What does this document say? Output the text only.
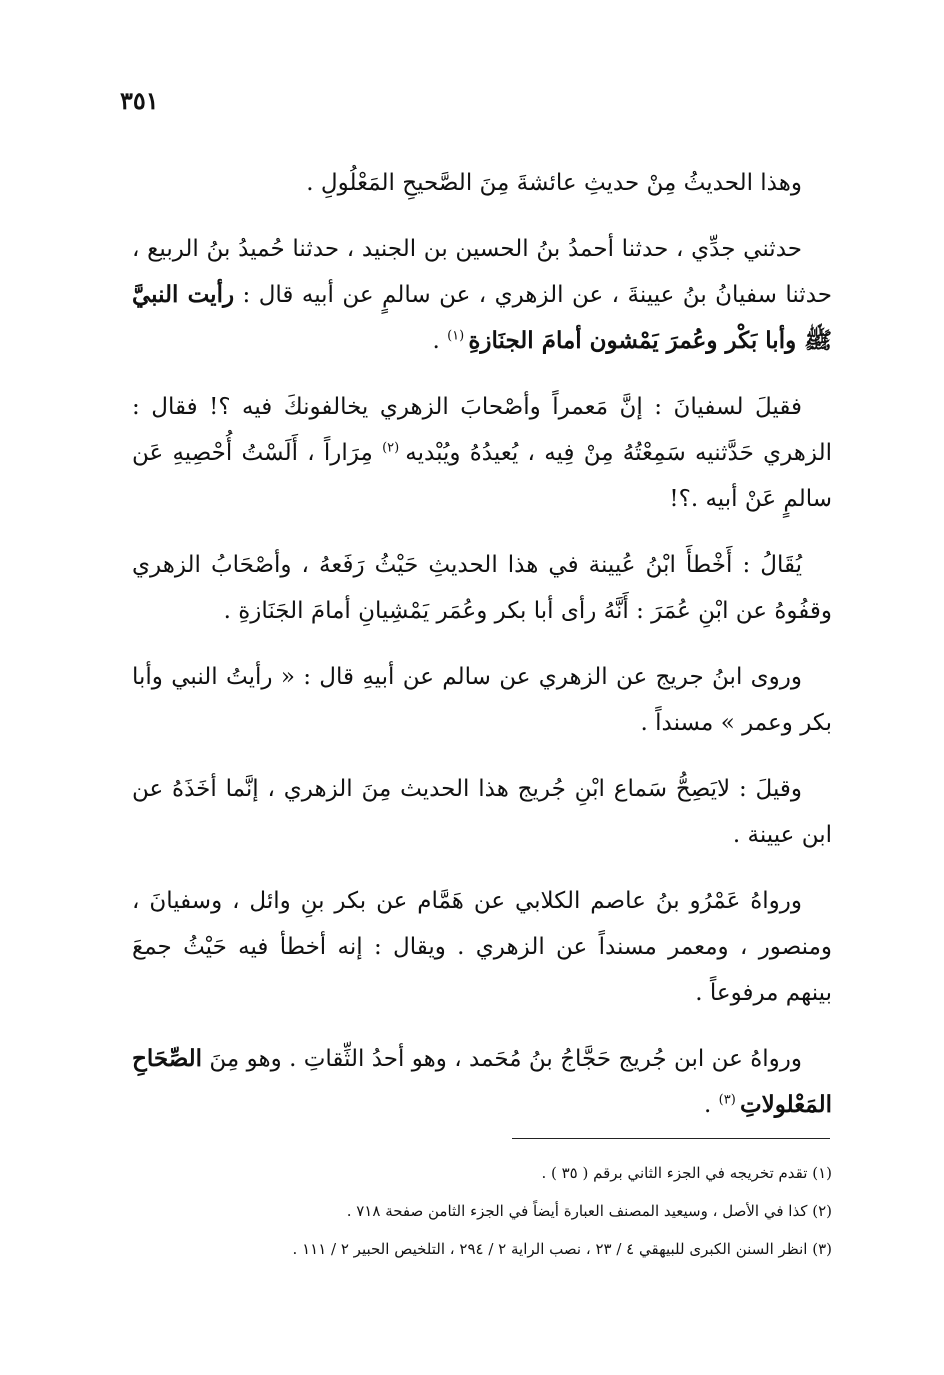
٣٥١

وهذا الحديثُ مِنْ حديثِ عائشةَ مِنَ الصَّحيحِ المَعْلُولِ .

حدثني جدِّي ، حدثنا أحمدُ بنُ الحسين بن الجنيد ، حدثنا حُميدُ بنُ الربيع ، حدثنا سفيانُ بنُ عيينةَ ، عن الزهري ، عن سالمٍ عن أبيه قال : رأيت النبيَّ ﷺ وأبا بَكْر وعُمرَ يَمْشون أمامَ الجنَازةِ $^{(١)}$ .

فقيلَ لسفيانَ : إنَّ مَعمراً وأصْحابَ الزهري يخالفونكَ فيه ؟! فقال : الزهري حَدَّثنيه سَمِعْتُهُ مِنْ فِيه ، يُعيدُهُ ويُبْديه $^{(٢)}$ مِرَاراً ، أَلَسْتُ أُحْصِيهِ عَن سالمٍ عَنْ أبيه .؟!

يُقَالُ : أَخْطأَ ابْنُ عُيينة في هذا الحديثِ حَيْثُ رَفَعهُ ، وأصْحَابُ الزهري وقفُوهُ عن ابْنِ عُمَرَ : أَنَّهُ رأى أبا بكر وعُمَر يَمْشِيانِ أمامَ الجَنَازةِ .

وروى ابنُ جريج عن الزهري عن سالم عن أبيهِ قال : « رأيتُ النبي وأبا بكر وعمر » مسنداً .

وقيلَ : لايَصِحُّ سَماع ابْنِ جُريج هذا الحديث مِنَ الزهري ، إنَّما أخَذَهُ عن ابن عيينة .

ورواهُ عَمْرُو بنُ عاصم الكلابي عن هَمَّام عن بكر بنِ وائل ، وسفيانَ ، ومنصور ، ومعمر مسنداً عن الزهري . ويقال : إنه أخطأ فيه حَيْثُ جمعَ بينهم مرفوعاً .

ورواهُ عن ابن جُريج حَجَّاجُ بنُ مُحَمد ، وهو أحدُ الثِّقاتِ . وهو مِنَ الصِّحَاحِ المَعْلولاتِ $^{(٣)}$ .

(١) تقدم تخريجه في الجزء الثاني برقم ( ٣٥ ) .
(٢) كذا في الأصل ، وسيعيد المصنف العبارة أيضاً في الجزء الثامن صفحة ٧١٨ .
(٣) انظر السنن الكبرى للبيهقي ٤ / ٢٣ ، نصب الراية ٢ / ٢٩٤ ، التلخيص الحبير ٢ / ١١١ .
